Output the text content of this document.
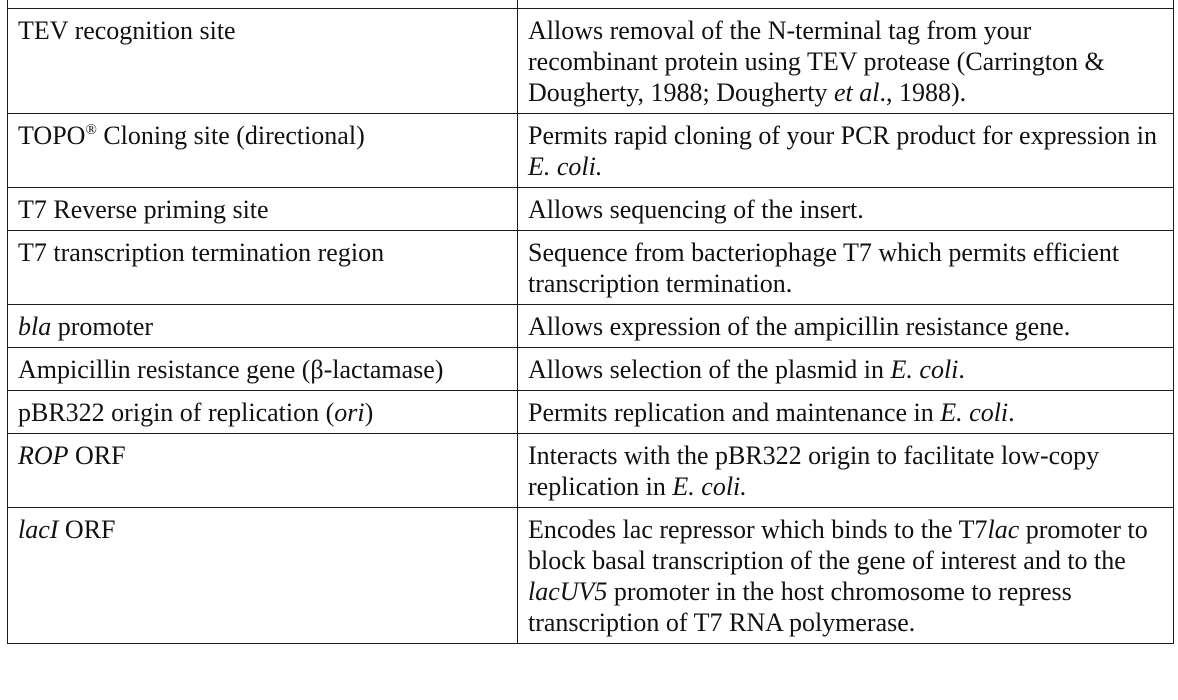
TEV recognition site	Allows removal of the N-terminal tag from your recombinant protein using TEV protease (Carrington & Dougherty, 1988; Dougherty et al., 1988).
TOPO® Cloning site (directional)	Permits rapid cloning of your PCR product for expression in E. coli.
T7 Reverse priming site	Allows sequencing of the insert.
T7 transcription termination region	Sequence from bacteriophage T7 which permits efficient transcription termination.
bla promoter	Allows expression of the ampicillin resistance gene.
Ampicillin resistance gene (β-lactamase)	Allows selection of the plasmid in E. coli.
pBR322 origin of replication (ori)	Permits replication and maintenance in E. coli.
ROP ORF	Interacts with the pBR322 origin to facilitate low-copy replication in E. coli.
lacI ORF	Encodes lac repressor which binds to the T7lac promoter to block basal transcription of the gene of interest and to the lacUV5 promoter in the host chromosome to repress transcription of T7 RNA polymerase.
